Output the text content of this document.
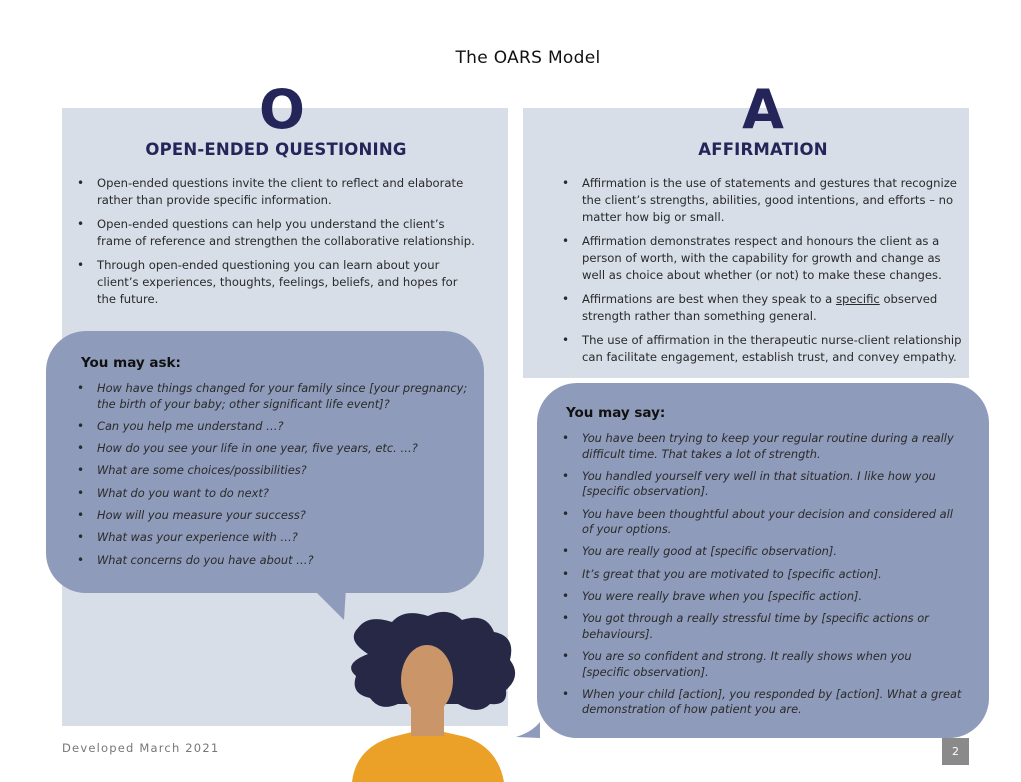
The OARS Model
O	A
OPEN-ENDED QUESTIONING	AFFIRMATION
• Open-ended questions invite the client to reflect and elaborate rather than provide specific information.
• Open-ended questions can help you understand the client’s frame of reference and strengthen the collaborative relationship.
• Through open-ended questioning you can learn about your client’s experiences, thoughts, feelings, beliefs, and hopes for the future.
• Affirmation is the use of statements and gestures that recognize the client’s strengths, abilities, good intentions, and efforts – no matter how big or small.
• Affirmation demonstrates respect and honours the client as a person of worth, with the capability for growth and change as well as choice about whether (or not) to make these changes.
• Affirmations are best when they speak to a specific observed strength rather than something general.
• The use of affirmation in the therapeutic nurse-client relationship can facilitate engagement, establish trust, and convey empathy.
You may ask:
You may say:
• How have things changed for your family since [your pregnancy; the birth of your baby; other significant life event]?
• Can you help me understand …?
• How do you see your life in one year, five years, etc. …?
• What are some choices/possibilities?
• What do you want to do next?
• How will you measure your success?
• What was your experience with …?
• What concerns do you have about …?
• You have been trying to keep your regular routine during a really difficult time. That takes a lot of strength.
• You handled yourself very well in that situation. I like how you [specific observation].
• You have been thoughtful about your decision and considered all of your options.
• You are really good at [specific observation].
• It’s great that you are motivated to [specific action].
• You were really brave when you [specific action].
• You got through a really stressful time by [specific actions or behaviours].
• You are so confident and strong. It really shows when you [specific observation].
• When your child [action], you responded by [action]. What a great demonstration of how patient you are.
Developed March 2021	2
